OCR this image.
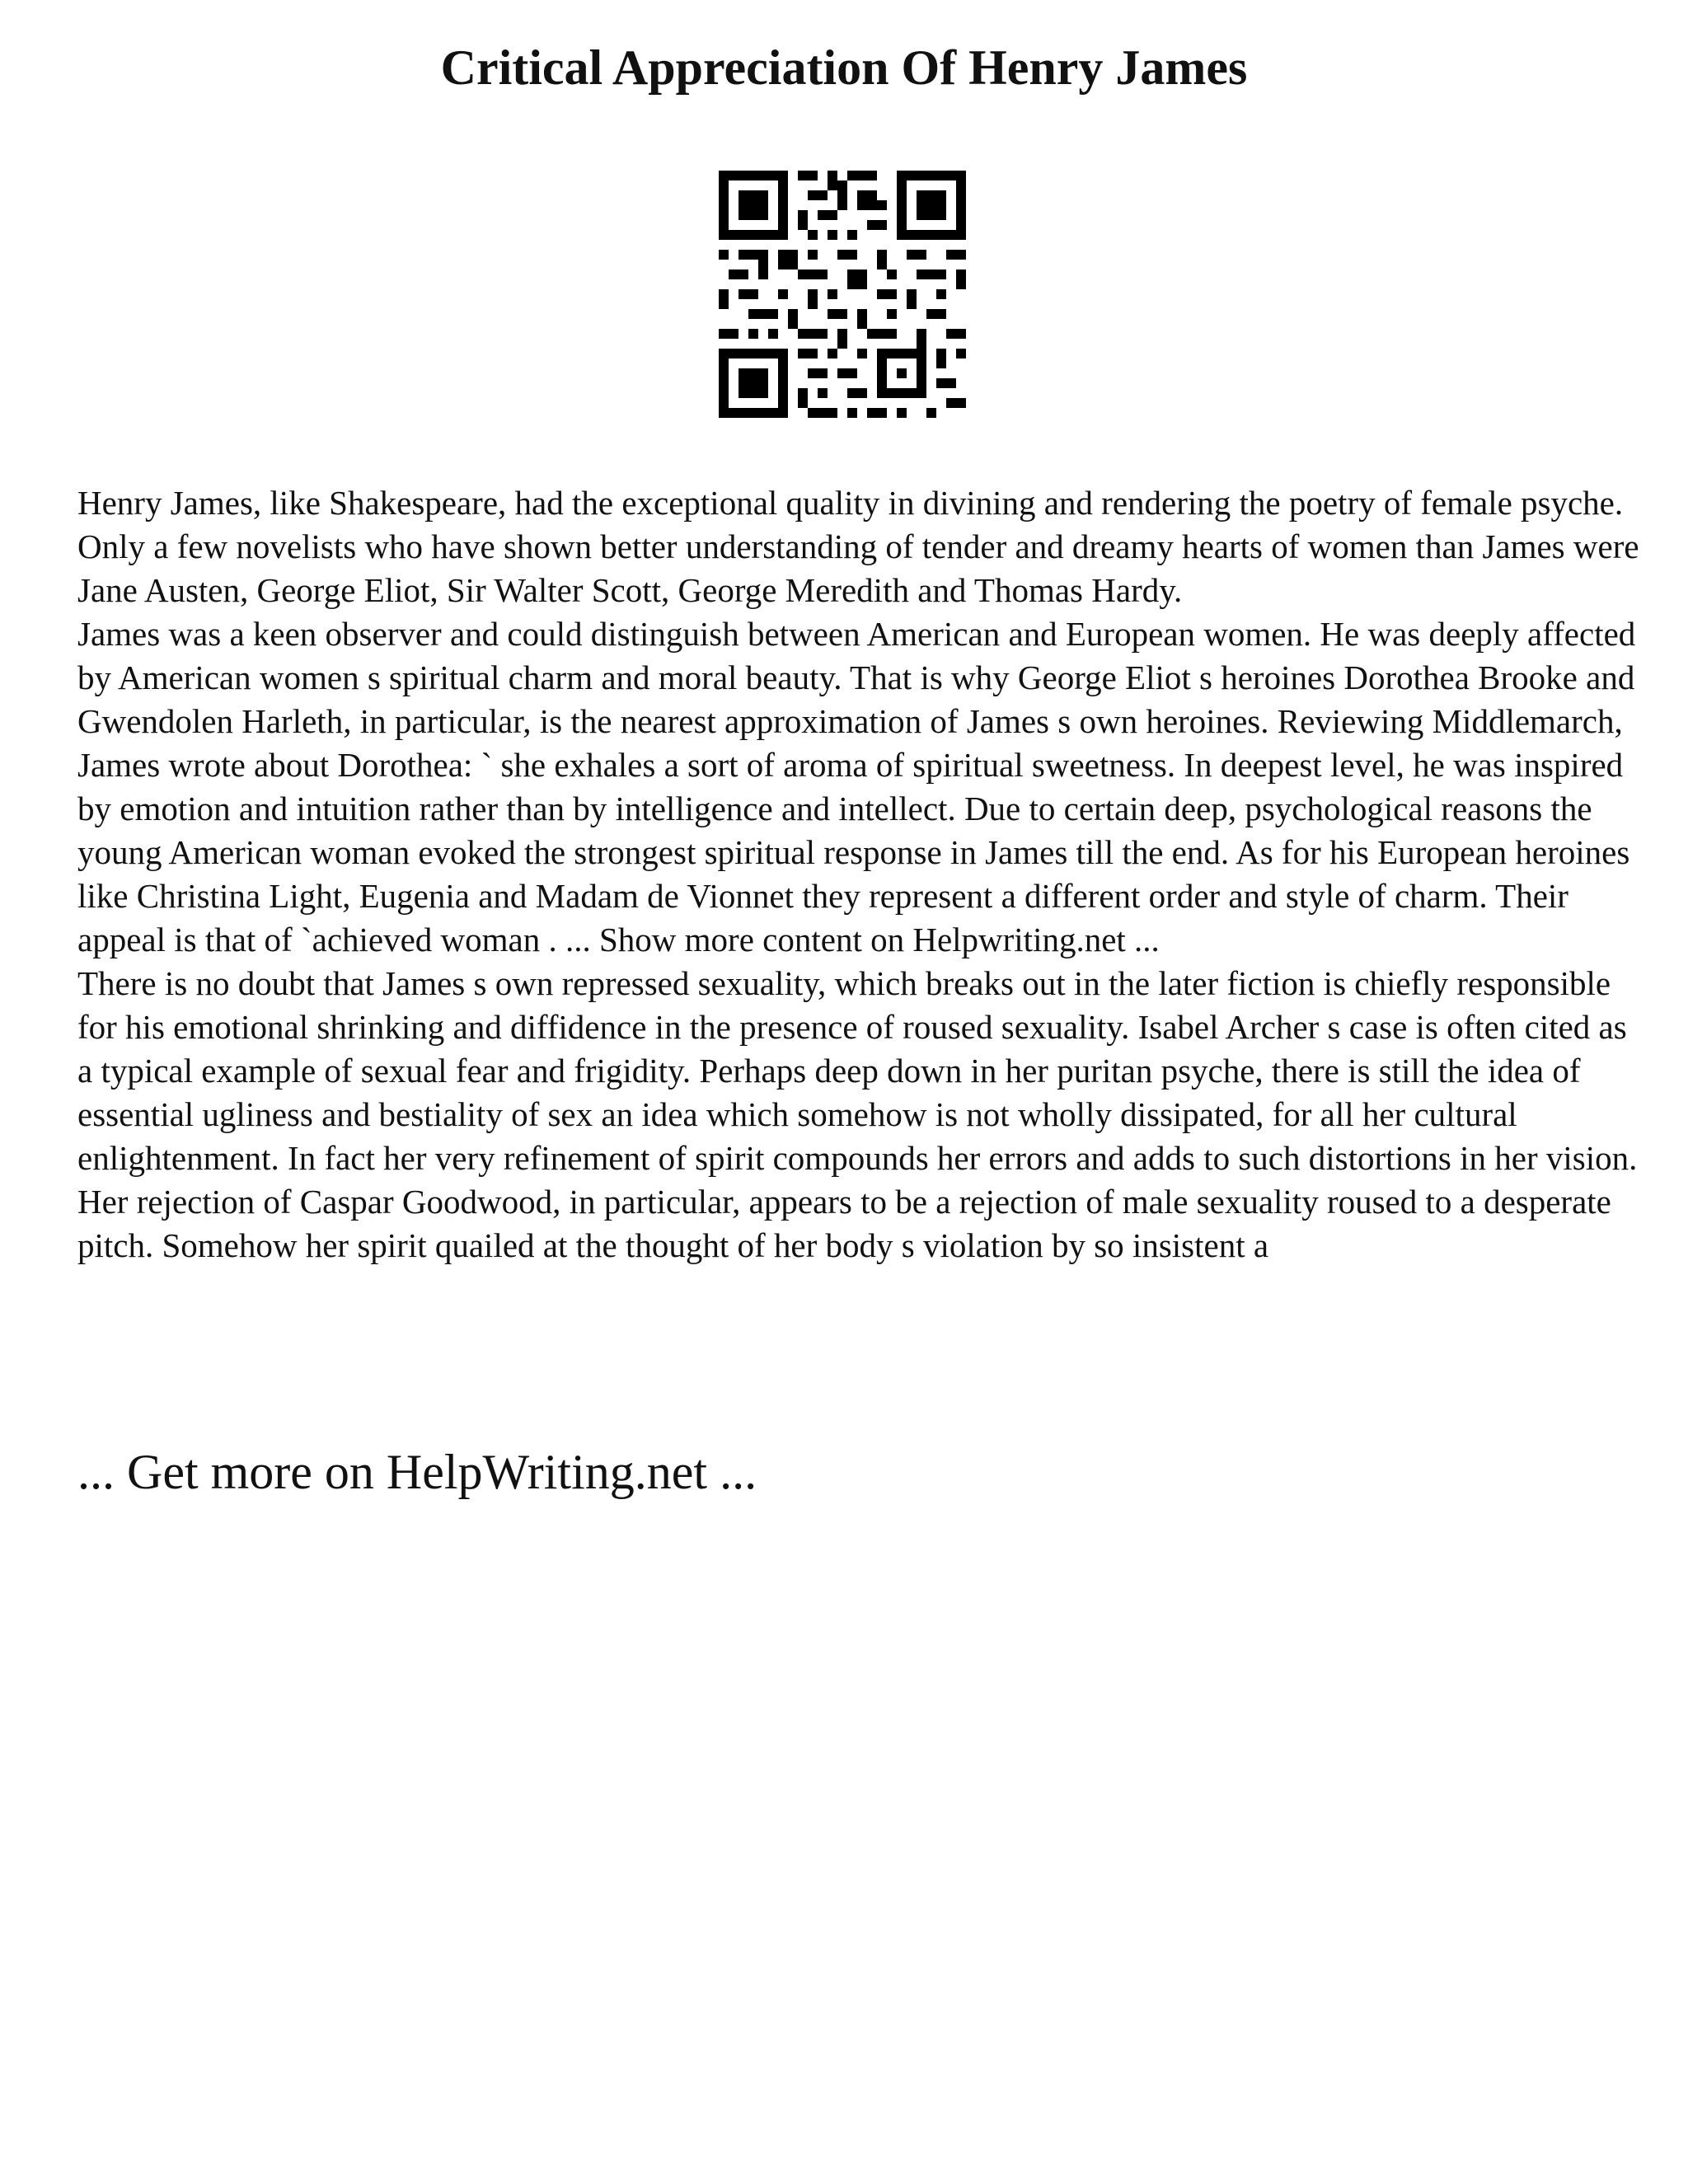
Critical Appreciation Of Henry James

Henry James, like Shakespeare, had the exceptional quality in divining and rendering the poetry of female psyche. Only a few novelists who have shown better understanding of tender and dreamy hearts of women than James were Jane Austen, George Eliot, Sir Walter Scott, George Meredith and Thomas Hardy.

James was a keen observer and could distinguish between American and European women. He was deeply affected by American women s spiritual charm and moral beauty. That is why George Eliot s heroines Dorothea Brooke and Gwendolen Harleth, in particular, is the nearest approximation of James s own heroines. Reviewing Middlemarch, James wrote about Dorothea: ` she exhales a sort of aroma of spiritual sweetness. In deepest level, he was inspired by emotion and intuition rather than by intelligence and intellect. Due to certain deep, psychological reasons the young American woman evoked the strongest spiritual response in James till the end. As for his European heroines like Christina Light, Eugenia and Madam de Vionnet they represent a different order and style of charm. Their appeal is that of `achieved woman . ... Show more content on Helpwriting.net ...

There is no doubt that James s own repressed sexuality, which breaks out in the later fiction is chiefly responsible for his emotional shrinking and diffidence in the presence of roused sexuality. Isabel Archer s case is often cited as a typical example of sexual fear and frigidity. Perhaps deep down in her puritan psyche, there is still the idea of essential ugliness and bestiality of sex an idea which somehow is not wholly dissipated, for all her cultural enlightenment. In fact her very refinement of spirit compounds her errors and adds to such distortions in her vision. Her rejection of Caspar Goodwood, in particular, appears to be a rejection of male sexuality roused to a desperate pitch. Somehow her spirit quailed at the thought of her body s violation by so insistent a

... Get more on HelpWriting.net ...
